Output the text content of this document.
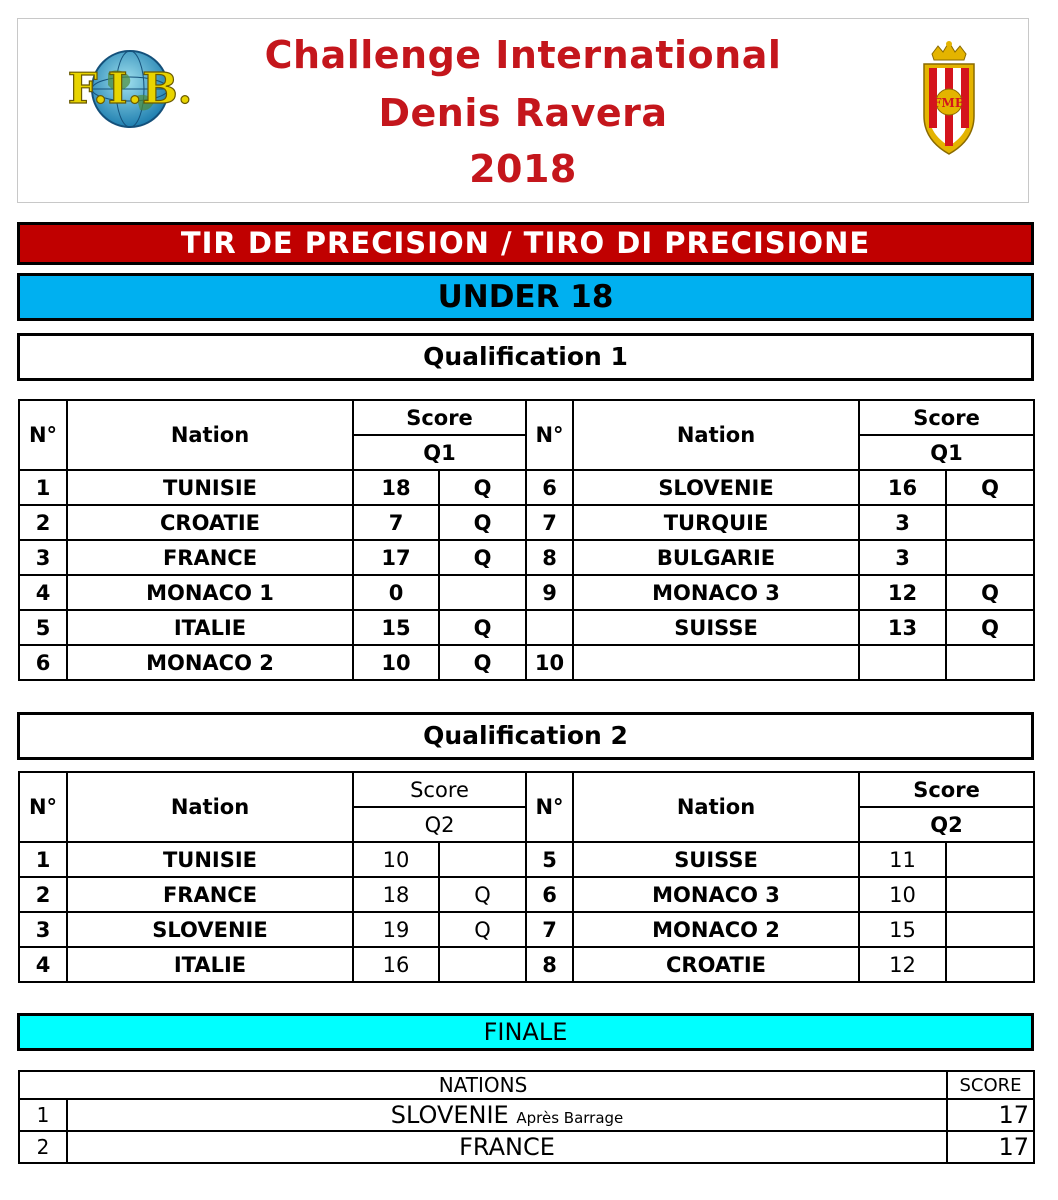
Challenge International
Denis Ravera
2018
F.I.B.	FMB
TIR DE PRECISION / TIRO DI PRECISIONE
UNDER 18
Qualification 1
N°	Nation	Score		N°	Nation	Score	
		Q1				Q1	
1	TUNISIE	18	Q	6	SLOVENIE	16	Q
2	CROATIE	7	Q	7	TURQUIE	3	
3	FRANCE	17	Q	8	BULGARIE	3	
4	MONACO 1	0		9	MONACO 3	12	Q
5	ITALIE	15	Q		SUISSE	13	Q
6	MONACO 2	10	Q	10			
Qualification 2
N°	Nation	Score		N°	Nation	Score	
		Q2				Q2	
1	TUNISIE	10		5	SUISSE	11	
2	FRANCE	18	Q	6	MONACO 3	10	
3	SLOVENIE	19	Q	7	MONACO 2	15	
4	ITALIE	16		8	CROATIE	12	
FINALE
NATIONS		SCORE
1	SLOVENIE Après Barrage	17
2	FRANCE	17
